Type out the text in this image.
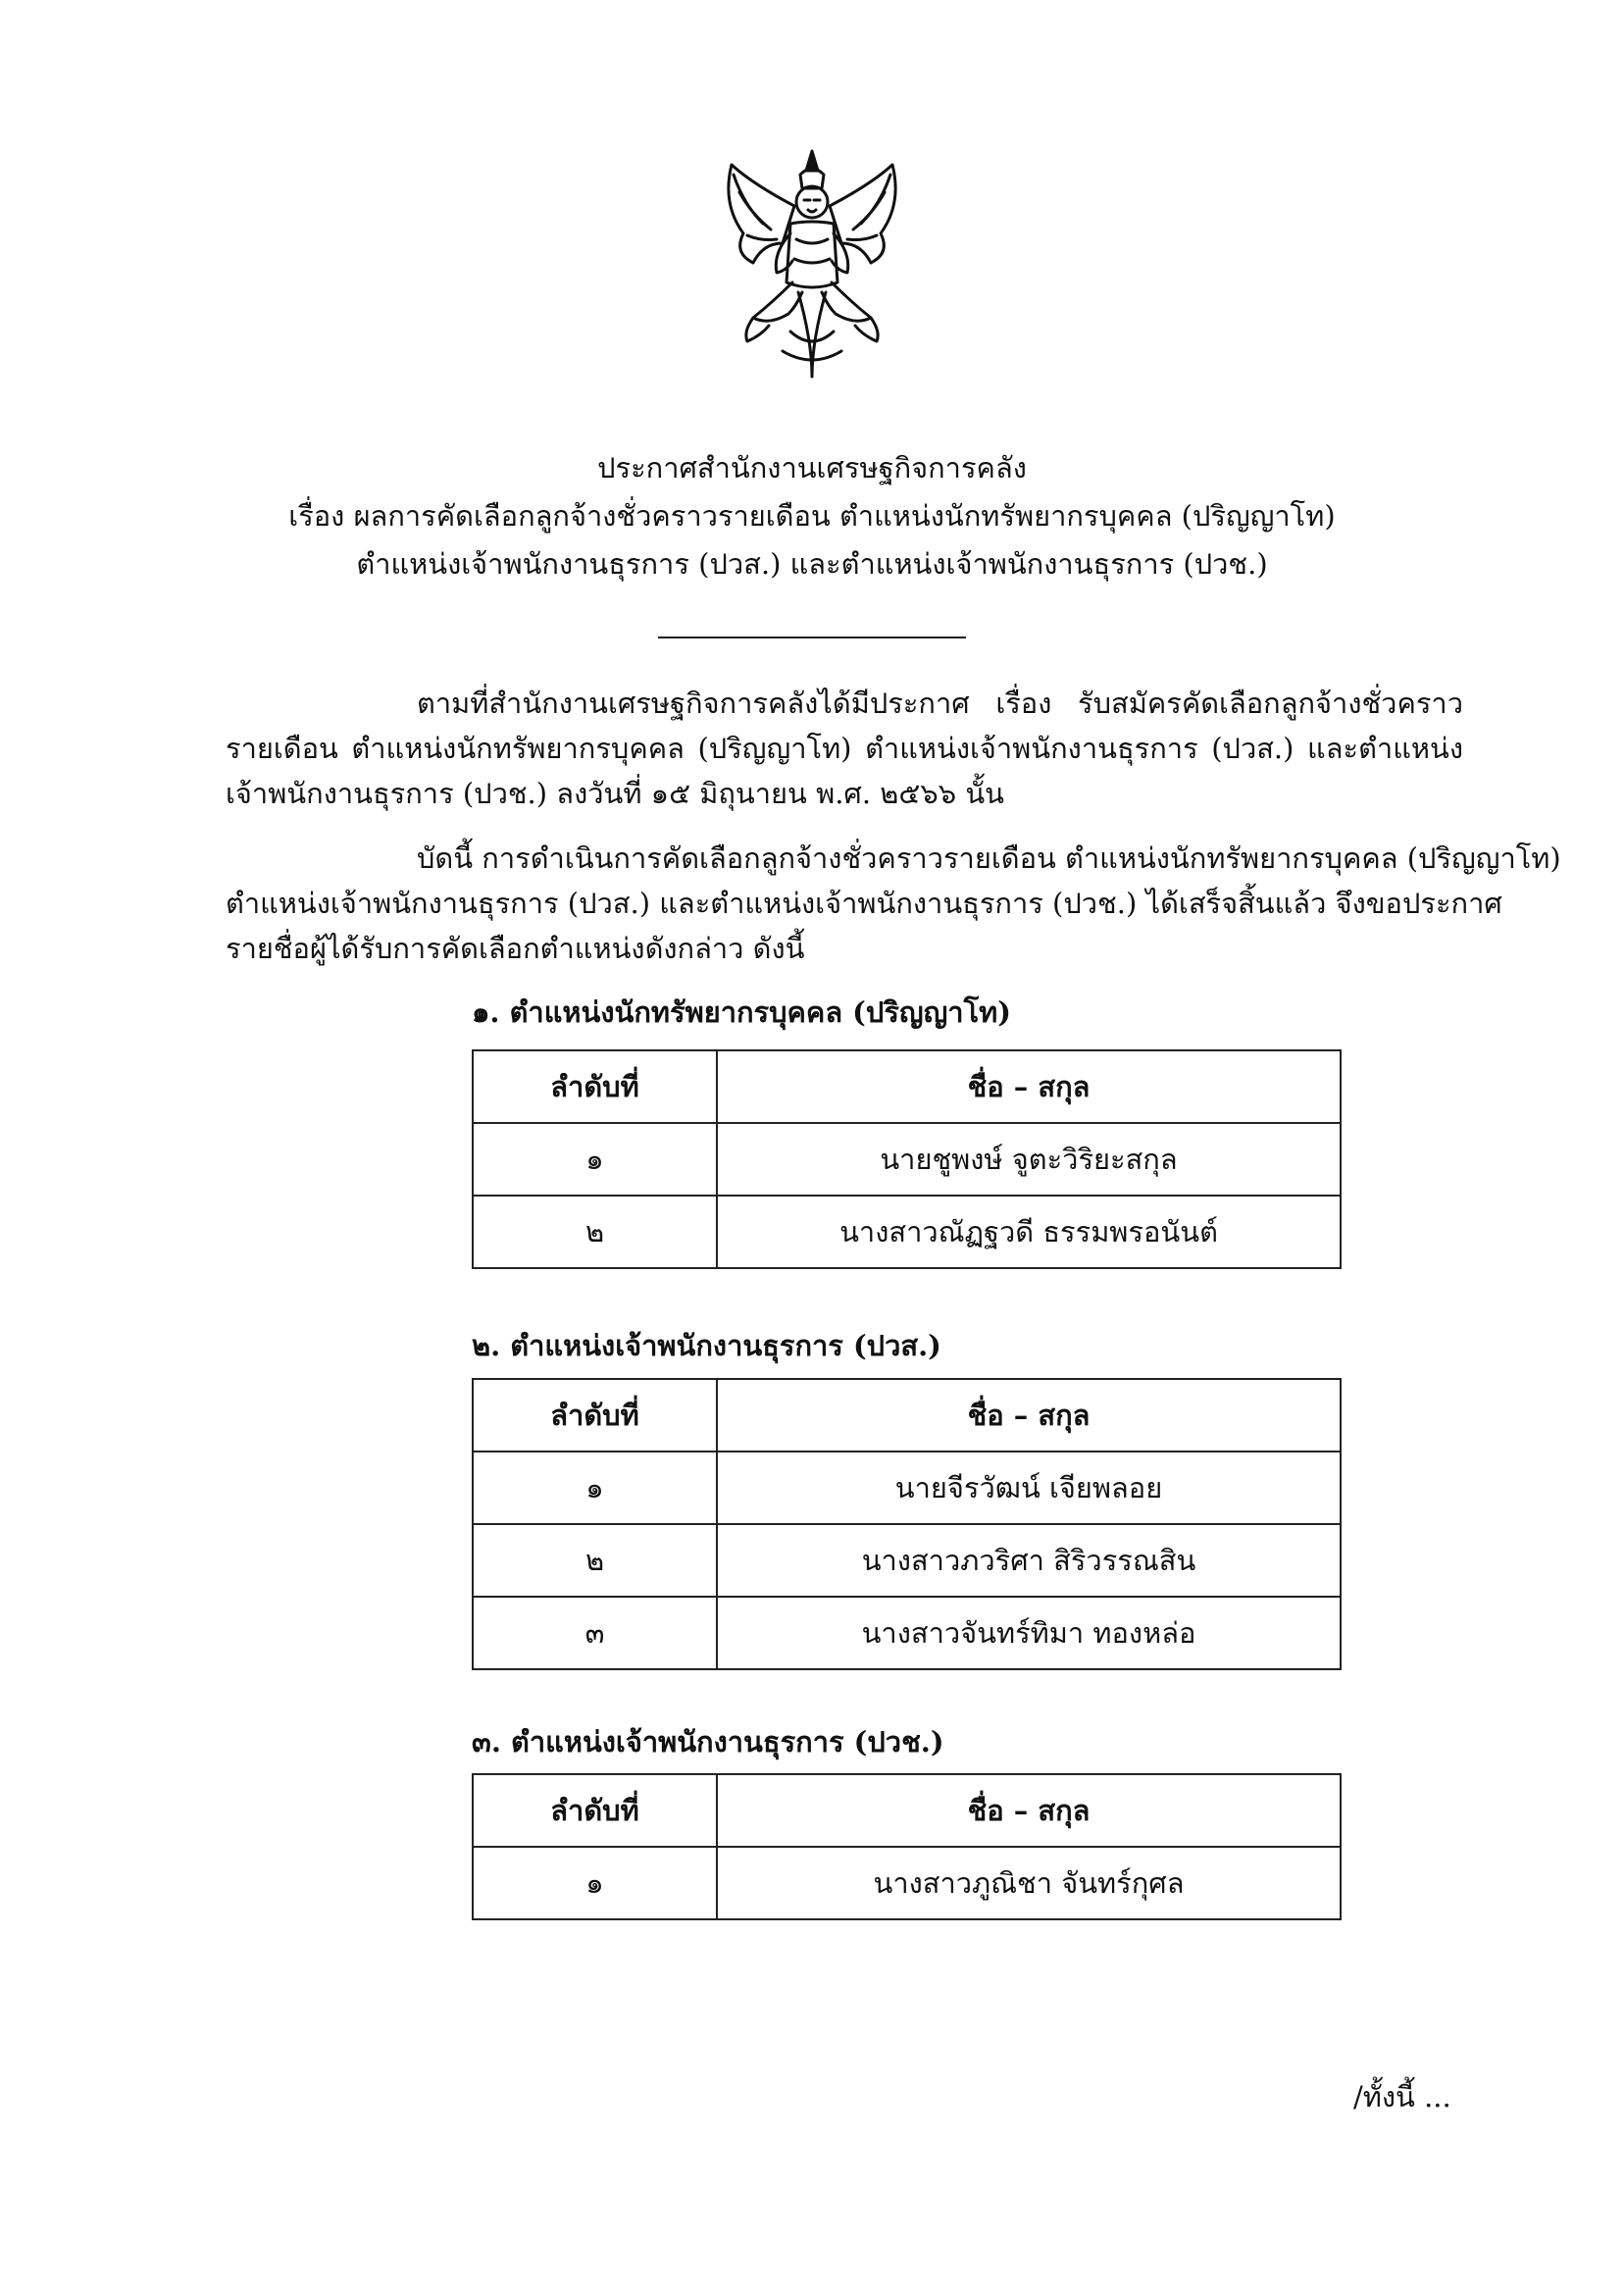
ประกาศสำนักงานเศรษฐกิจการคลัง
เรื่อง ผลการคัดเลือกลูกจ้างชั่วคราวรายเดือน ตำแหน่งนักทรัพยากรบุคคล (ปริญญาโท)
ตำแหน่งเจ้าพนักงานธุรการ (ปวส.) และตำแหน่งเจ้าพนักงานธุรการ (ปวช.)
ตามที่สำนักงานเศรษฐกิจการคลังได้มีประกาศ เรื่อง รับสมัครคัดเลือกลูกจ้างชั่วคราว
รายเดือน ตำแหน่งนักทรัพยากรบุคคล (ปริญญาโท) ตำแหน่งเจ้าพนักงานธุรการ (ปวส.) และตำแหน่ง
เจ้าพนักงานธุรการ (ปวช.) ลงวันที่ ๑๕ มิถุนายน พ.ศ. ๒๕๖๖ นั้น
บัดนี้ การดำเนินการคัดเลือกลูกจ้างชั่วคราวรายเดือน ตำแหน่งนักทรัพยากรบุคคล (ปริญญาโท)
ตำแหน่งเจ้าพนักงานธุรการ (ปวส.) และตำแหน่งเจ้าพนักงานธุรการ (ปวช.) ได้เสร็จสิ้นแล้ว จึงขอประกาศ
รายชื่อผู้ได้รับการคัดเลือกตำแหน่งดังกล่าว ดังนี้
๑. ตำแหน่งนักทรัพยากรบุคคล (ปริญญาโท)
ลำดับที่	ชื่อ – สกุล
๑	นายชูพงษ์ จูตะวิริยะสกุล
๒	นางสาวณัฏฐวดี ธรรมพรอนันต์
๒. ตำแหน่งเจ้าพนักงานธุรการ (ปวส.)
ลำดับที่	ชื่อ – สกุล
๑	นายจีรวัฒน์ เจียพลอย
๒	นางสาวภวริศา สิริวรรณสิน
๓	นางสาวจันทร์ทิมา ทองหล่อ
๓. ตำแหน่งเจ้าพนักงานธุรการ (ปวช.)
ลำดับที่	ชื่อ – สกุล
๑	นางสาวภูณิชา จันทร์กุศล
/ทั้งนี้ ...
